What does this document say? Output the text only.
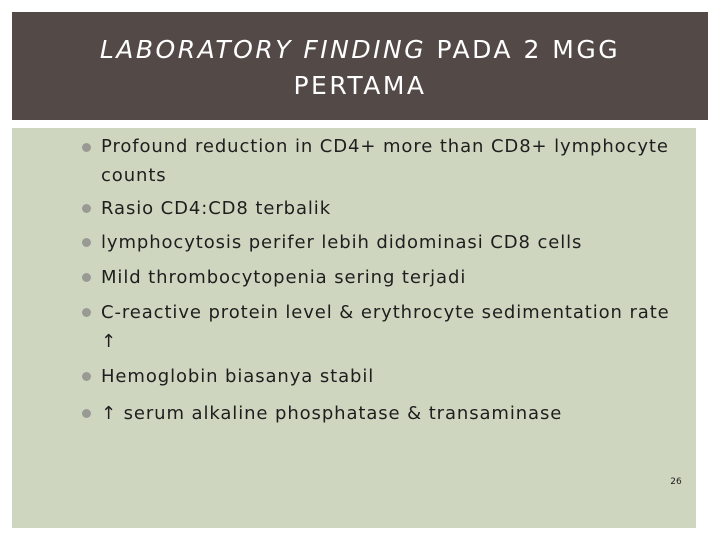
LABORATORY FINDING PADA 2 MGG
PERTAMA
Profound reduction in CD4+ more than CD8+ lymphocyte counts
Rasio CD4:CD8 terbalik
lymphocytosis perifer lebih didominasi CD8 cells
Mild thrombocytopenia sering terjadi
C-reactive protein level & erythrocyte sedimentation rate ↑
Hemoglobin biasanya stabil
↑ serum alkaline phosphatase & transaminase
26
